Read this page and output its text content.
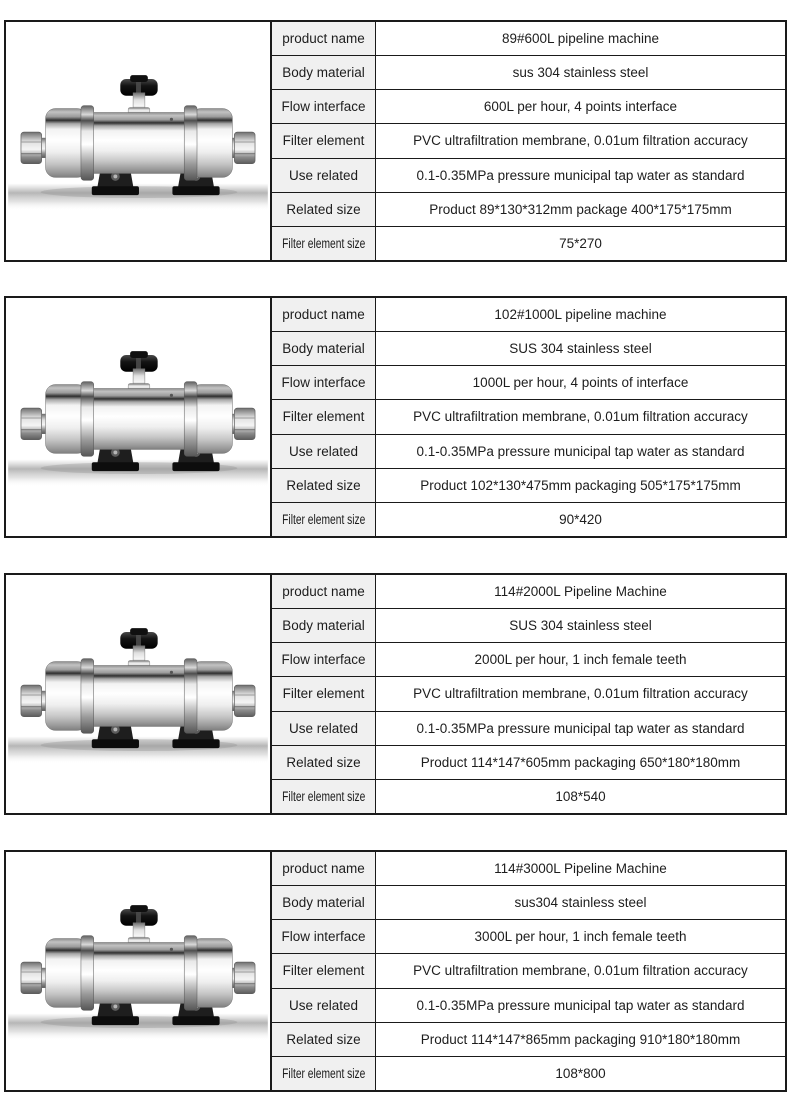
product name	89#600L pipeline machine
Body material	sus 304 stainless steel
Flow interface	600L per hour, 4 points interface
Filter element	PVC ultrafiltration membrane, 0.01um filtration accuracy
Use related	0.1-0.35MPa pressure municipal tap water as standard
Related size	Product 89*130*312mm package 400*175*175mm
Filter element size	75*270
product name	102#1000L pipeline machine
Body material	SUS 304 stainless steel
Flow interface	1000L per hour, 4 points of interface
Filter element	PVC ultrafiltration membrane, 0.01um filtration accuracy
Use related	0.1-0.35MPa pressure municipal tap water as standard
Related size	Product 102*130*475mm packaging 505*175*175mm
Filter element size	90*420
product name	114#2000L Pipeline Machine
Body material	SUS 304 stainless steel
Flow interface	2000L per hour, 1 inch female teeth
Filter element	PVC ultrafiltration membrane, 0.01um filtration accuracy
Use related	0.1-0.35MPa pressure municipal tap water as standard
Related size	Product 114*147*605mm packaging 650*180*180mm
Filter element size	108*540
product name	114#3000L Pipeline Machine
Body material	sus304 stainless steel
Flow interface	3000L per hour, 1 inch female teeth
Filter element	PVC ultrafiltration membrane, 0.01um filtration accuracy
Use related	0.1-0.35MPa pressure municipal tap water as standard
Related size	Product 114*147*865mm packaging 910*180*180mm
Filter element size	108*800
